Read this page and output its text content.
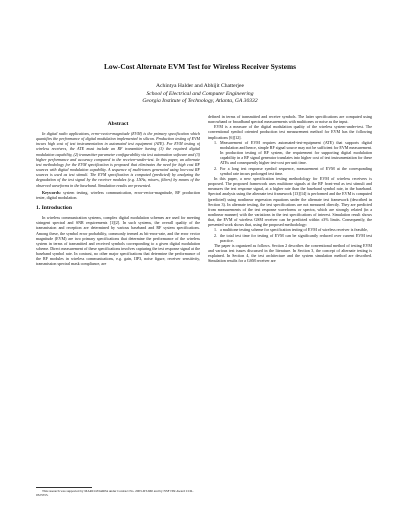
Low-Cost Alternate EVM Test for Wireless Receiver Systems
Achintya Halder and Abhijit Chatterjee
School of Electrical and Computer Engineering
Georgia Institute of Technology, Atlanta, GA 30332
Abstract

In digital radio applications, error-vector-magnitude (EVM) is the primary specification which quantifies the performance of digital modulation implemented in silicon. Production testing of EVM incurs high cost of test instrumentation in automated test equipment (ATE). For EVM testing of wireless receivers, the ATE must include an RF transmitter having (1) the required digital modulation capability, (2) transmitter parameter configurability via test automation software and (3) higher performance and accuracy compared to the receiver-under-test. In this paper, an alternate test methodology for the EVM specification is proposed that eliminates the need for high cost RF sources with digital modulation capability. A sequence of multi-tones generated using low-cost RF sources is used as test stimuli. The EVM specification is computed (predicted) by analyzing the degradation of the test signal by the receiver modules (e.g. LNAs, mixers, filters) by means of the observed waveforms in the baseband. Simulation results are presented.

Keywords: system testing, wireless communication, error-vector-magnitude, RF production tester, digital modulation.

1. Introduction

In wireless communication systems, complex digital modulation schemes are used for meeting stringent spectral and SNR requirements [1][2]. In such systems, the overall quality of the transmission and reception are determined by various baseband and RF system specifications. Among these, the symbol error probability, commonly termed as bit-error-rate, and the error vector magnitude (EVM) are two primary specifications that determine the performance of the wireless system in terms of transmitted and received symbols corresponding to a given digital modulation scheme. Direct measurement of these specifications involves capturing the test response signal at the baseband symbol rate. In contrast, no other major specifications that determine the performance of the RF modules in wireless communications, e.g. gain, IIP3, noise figure, receiver sensitivity, transmission spectral mask compliance, are

This research was supported by MARCO/DARPA under Contract No. 2003-DT-660 and by NSF ITR Award CCR-0325555.

defined in terms of transmitted and receive symbols. The latter specifications are computed using narrowband or broadband spectral measurements with multitones or noise as the input.

EVM is a measure of the digital modulation quality of the wireless system-under-test. The conventional symbol oriented production test measurement method for EVM has the following implications [6][12].

1. Measurement of EVM requires automated-test-equipment (ATE) that supports digital modulation and hence, simple RF signal source may not be sufficient for EVM measurement. In production testing of RF system, the requirement for supporting digital modulation capability in a RF signal generator translates into higher cost of test instrumentation for these ATEs and consequently higher test-cost per unit time.
2. For a long test response symbol sequence, measurement of EVM at the corresponding symbol rate incurs prolonged test time.

In this paper, a new specification testing methodology for EVM of wireless receivers is proposed. The proposed framework uses multitone signals at the RF front-end as test stimuli and measures the test response signal, at a higher rate than the baseband symbol rate, in the baseband. Spectral analysis using the alternate test framework [13][14] is performed and the EVM is computed (predicted) using nonlinear regression equations under the alternate test framework (described in Section 3). In alternate testing, the test specifications are not measured directly. They are predicted from measurements of the test response waveforms or spectra, which are strongly related (in a nonlinear manner) with the variations in the test specifications of interest. Simulation result shows that, the EVM of wireless GSM receiver can be predicted within ±3% limits. Consequently, the presented work shows that, using the proposed methodology:

1. a multitone testing scheme for specification testing of EVM of wireless receiver is feasible,
2. the total test time for testing of EVM can be significantly reduced over current EVM test practice.

The paper is organized as follows. Section 2 describes the conventional method of testing EVM and various test issues discussed in the literature. In Section 3, the concept of alternate testing is explained. In Section 4, the test architecture and the system simulation method are described. Simulation results for a GSM receiver are
